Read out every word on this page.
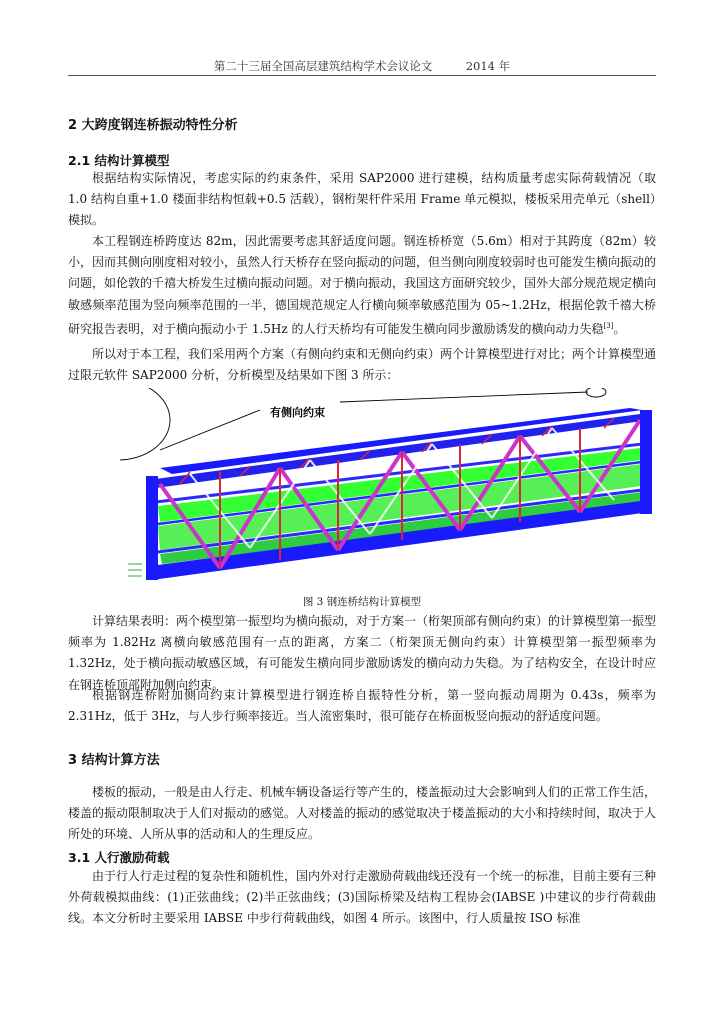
第二十三届全国高层建筑结构学术会议论文	2014 年
2 大跨度钢连桥振动特性分析
2.1 结构计算模型

根据结构实际情况，考虑实际的约束条件，采用 SAP2000 进行建模，结构质量考虑实际荷载情况（取 1.0 结构自重+1.0 楼面非结构恒载+0.5 活载），钢桁架杆件采用 Frame 单元模拟，楼板采用壳单元（shell）模拟。

本工程钢连桥跨度达 82m，因此需要考虑其舒适度问题。钢连桥桥宽（5.6m）相对于其跨度（82m）较小，因而其侧向刚度相对较小，虽然人行天桥存在竖向振动的问题，但当侧向刚度较弱时也可能发生横向振动的问题，如伦敦的千禧大桥发生过横向振动问题。对于横向振动，我国这方面研究较少，国外大部分规范规定横向敏感频率范围为竖向频率范围的一半，德国规范规定人行横向频率敏感范围为 05~1.2Hz，根据伦敦千禧大桥研究报告表明，对于横向振动小于 1.5Hz 的人行天桥均有可能发生横向同步激励诱发的横向动力失稳[3]。

所以对于本工程，我们采用两个方案（有侧向约束和无侧向约束）两个计算模型进行对比；两个计算模型通过限元软件 SAP2000 分析，分析模型及结果如下图 3 所示：

有侧向约束
图 3 钢连桥结构计算模型

计算结果表明：两个模型第一振型均为横向振动，对于方案一（桁架顶部有侧向约束）的计算模型第一振型频率为 1.82Hz 离横向敏感范围有一点的距离，方案二（桁架顶无侧向约束）计算模型第一振型频率为 1.32Hz，处于横向振动敏感区域，有可能发生横向同步激励诱发的横向动力失稳。为了结构安全，在设计时应在钢连桥顶部附加侧向约束。

根据钢连桥附加侧向约束计算模型进行钢连桥自振特性分析，第一竖向振动周期为 0.43s，频率为 2.31Hz，低于 3Hz，与人步行频率接近。当人流密集时，很可能存在桥面板竖向振动的舒适度问题。

3 结构计算方法

楼板的振动，一般是由人行走、机械车辆设备运行等产生的，楼盖振动过大会影响到人们的正常工作生活，楼盖的振动限制取决于人们对振动的感觉。人对楼盖的振动的感觉取决于楼盖振动的大小和持续时间，取决于人所处的环境、人所从事的活动和人的生理反应。

3.1 人行激励荷载

由于行人行走过程的复杂性和随机性，国内外对行走激励荷载曲线还没有一个统一的标准，目前主要有三种外荷载模拟曲线：(1)正弦曲线；(2)半正弦曲线；(3)国际桥梁及结构工程协会(IABSE )中建议的步行荷载曲线。本文分析时主要采用 IABSE 中步行荷载曲线，如图 4 所示。该图中，行人质量按 ISO 标准
